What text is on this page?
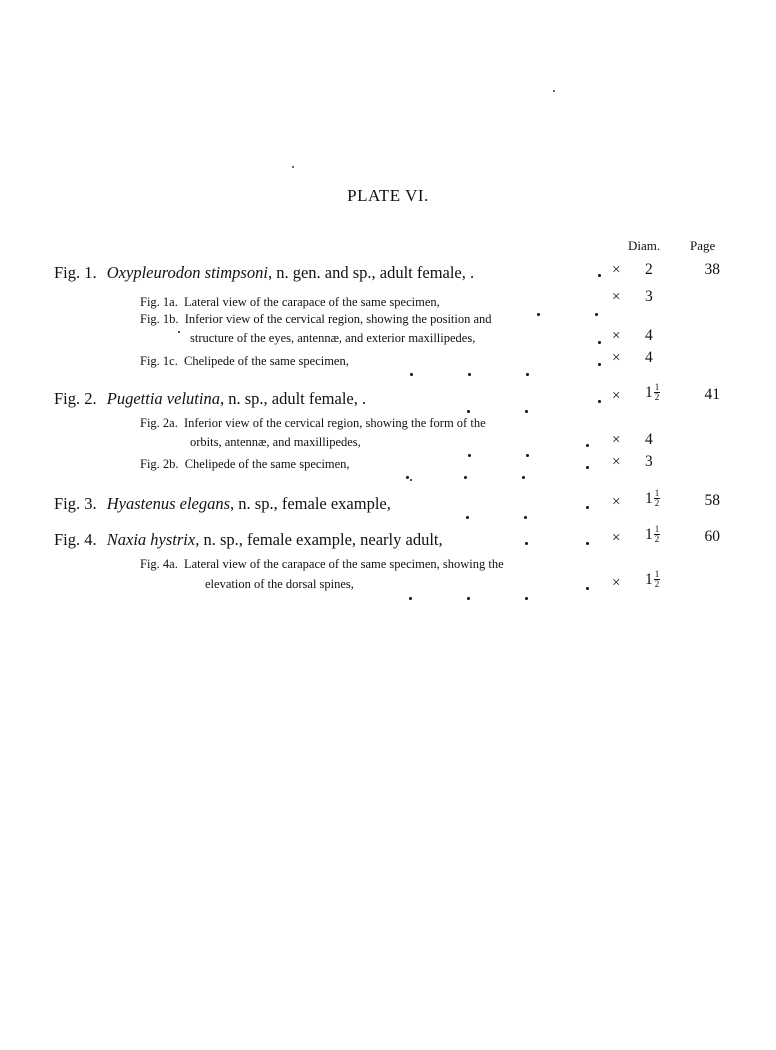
PLATE VI.
Diam. Page
Fig. 1. Oxypleurodon stimpsoni, n. gen. and sp., adult female, .	× 2	38
Fig. 1a. Lateral view of the carapace of the same specimen,	× 3
Fig. 1b. Inferior view of the cervical region, showing the position and
structure of the eyes, antennæ, and exterior maxillipedes,	× 4
Fig. 1c. Chelipede of the same specimen,	× 4
Fig. 2. Pugettia velutina, n. sp., adult female, .	× $1 \frac{1}{2}$	41
Fig. 2a. Inferior view of the cervical region, showing the form of the
orbits, antennæ, and maxillipedes,	× 4
Fig. 2b. Chelipede of the same specimen,	× 3
Fig. 3. Hyastenus elegans, n. sp., female example,	× $1 \frac{1}{2}$	58
Fig. 4. Naxia hystrix, n. sp., female example, nearly adult,	× $1 \frac{1}{2}$	60
Fig. 4a. Lateral view of the carapace of the same specimen, showing the
elevation of the dorsal spines,	× $1 \frac{1}{2}$
